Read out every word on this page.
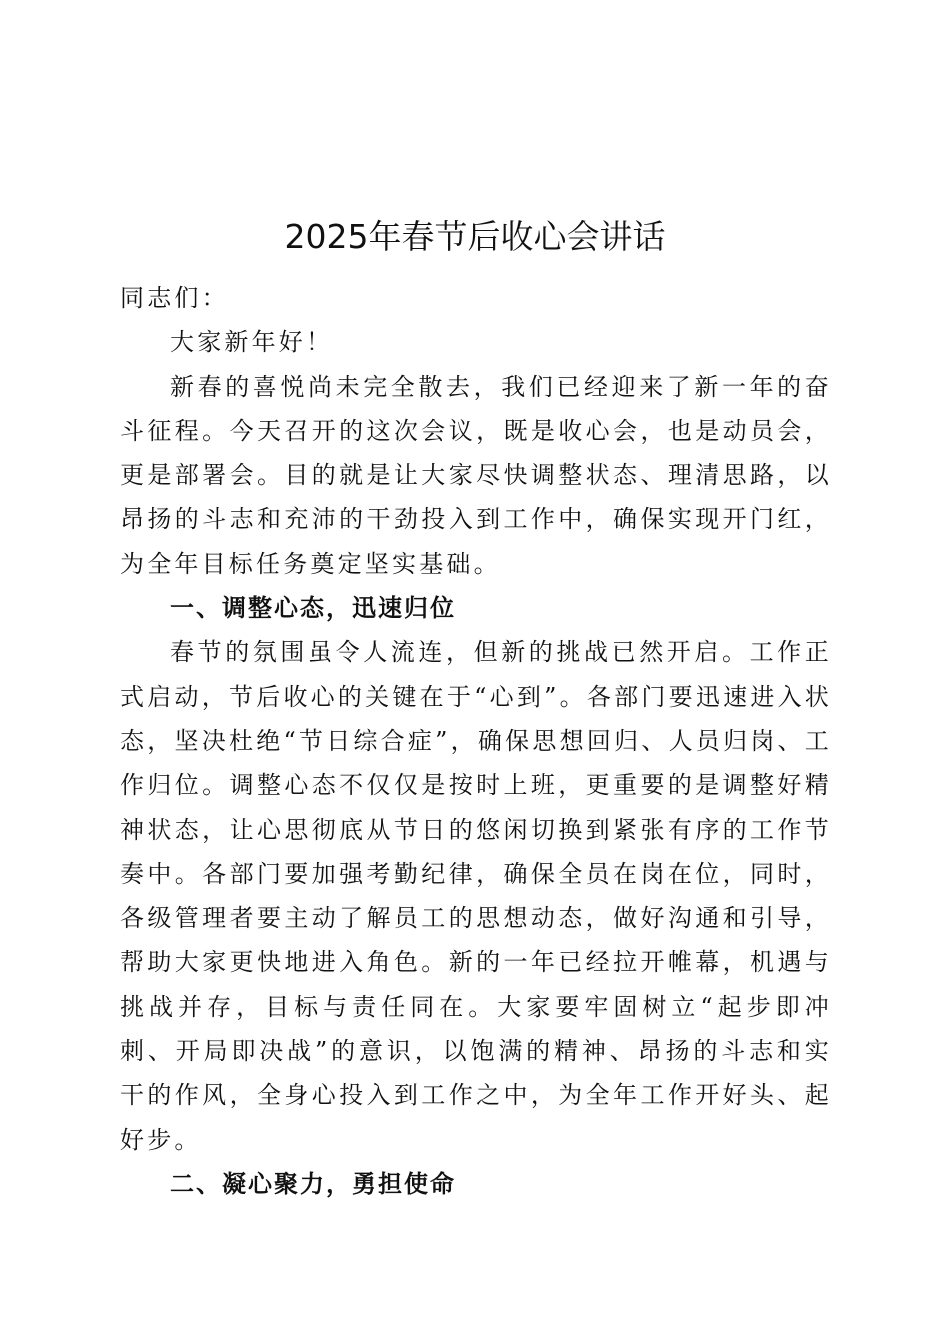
2025年春节后收心会讲话

同志们：

大家新年好！

新春的喜悦尚未完全散去，我们已经迎来了新一年的奋斗征程。今天召开的这次会议，既是收心会，也是动员会，更是部署会。目的就是让大家尽快调整状态、理清思路，以昂扬的斗志和充沛的干劲投入到工作中，确保实现开门红，为全年目标任务奠定坚实基础。

一、调整心态，迅速归位

春节的氛围虽令人流连，但新的挑战已然开启。工作正式启动，节后收心的关键在于“心到”。各部门要迅速进入状态，坚决杜绝“节日综合症”，确保思想回归、人员归岗、工作归位。调整心态不仅仅是按时上班，更重要的是调整好精神状态，让心思彻底从节日的悠闲切换到紧张有序的工作节奏中。各部门要加强考勤纪律，确保全员在岗在位，同时，各级管理者要主动了解员工的思想动态，做好沟通和引导，帮助大家更快地进入角色。新的一年已经拉开帷幕，机遇与挑战并存，目标与责任同在。大家要牢固树立“起步即冲刺、开局即决战”的意识，以饱满的精神、昂扬的斗志和实干的作风，全身心投入到工作之中，为全年工作开好头、起好步。

二、凝心聚力，勇担使命
